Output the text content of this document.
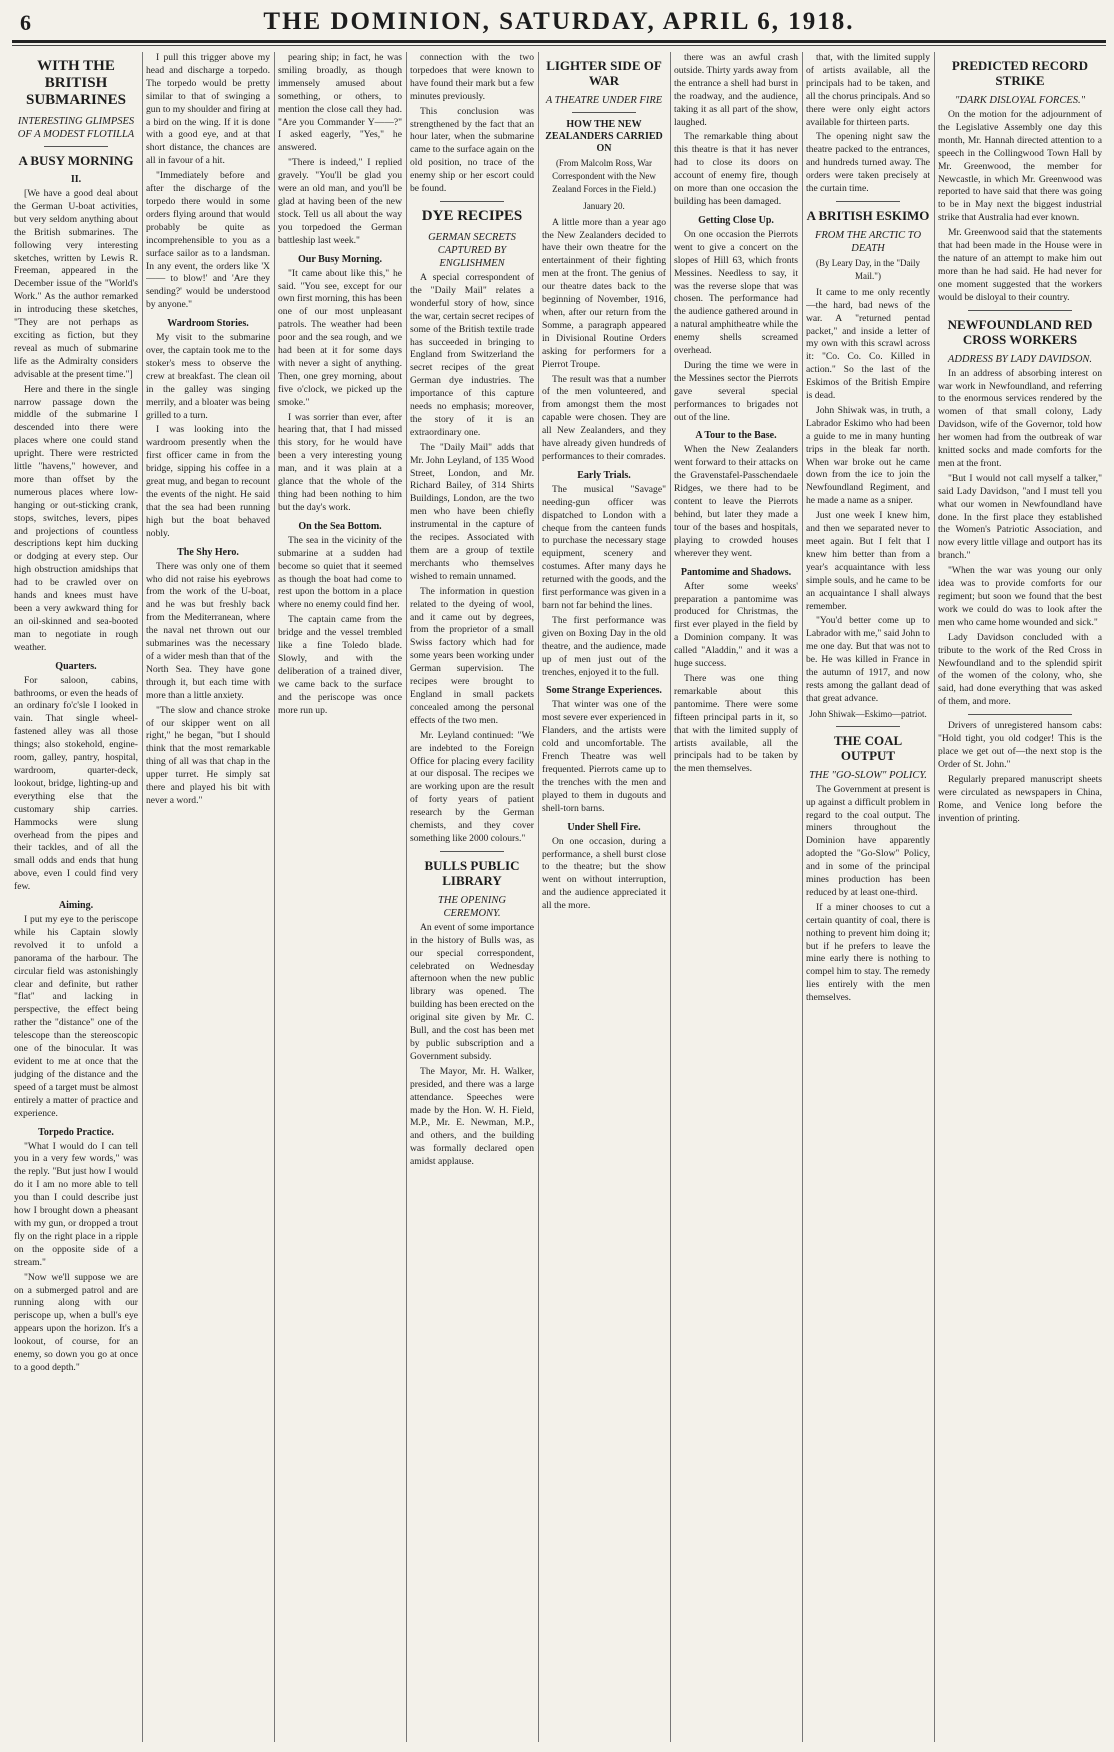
6	THE DOMINION, SATURDAY, APRIL 6, 1918.
WITH THE BRITISH SUBMARINES
INTERESTING GLIMPSES OF A MODEST FLOTILLA
A BUSY MORNING
II.

[We have a good deal about the German U-boat activities, but very seldom anything about the British submarines. The following very interesting sketches, written by Lewis R. Freeman, appeared in the December issue of the "World's Work." As the author remarked in introducing these sketches, "They are not perhaps as exciting as fiction, but they reveal as much of submarine life as the Admiralty considers advisable at the present time."]

Here and there in the single narrow passage down the middle of the submarine I descended into there were places where one could stand upright. There were restricted little "havens," however, and more than offset by the numerous places where low-hanging or out-sticking crank, stops, switches, levers, pipes and projections of countless descriptions kept him ducking or dodging at every step. Our high obstruction amidships that had to be crawled over on hands and knees must have been a very awkward thing for an oil-skinned and sea-booted man to negotiate in rough weather.

Quarters.

For saloon, cabins, bathrooms, or even the heads of an ordinary fo'c'sle I looked in vain. That single wheel-fastened alley was all those things; also stokehold, engine-room, galley, pantry, hospital, wardroom, quarter-deck, lookout, bridge, lighting-up and everything else that the customary ship carries. Hammocks were slung overhead from the pipes and their tackles, and of all the small odds and ends that hung above, even I could find very few.

Aiming.

I put my eye to the periscope while his Captain slowly revolved it to unfold a panorama of the harbour. The circular field was astonishingly clear and definite, but rather "flat" and lacking in perspective, the effect being rather the "distance" one of the telescope than the stereoscopic one of the binocular. It was evident to me at once that the judging of the distance and the speed of a target must be almost entirely a matter of practice and experience.

Torpedo Practice.

"What I would do I can tell you in a very few words," was the reply. "But just how I would do it I am no more able to tell you than I could describe just how I brought down a pheasant with my gun, or dropped a trout fly on the right place in a ripple on the opposite side of a stream."

"Now we'll suppose we are on a submerged patrol and are running along with our periscope up, when a bull's eye appears upon the horizon. It's a lookout, of course, for an enemy, so down you go at once to a good depth."

I pull this trigger above my head and discharge a torpedo. The torpedo would be pretty similar to that of swinging a gun to my shoulder and firing at a bird on the wing. If it is done with a good eye, and at that short distance, the chances are all in favour of a hit.

"Immediately before and after the discharge of the torpedo there would in some orders flying around that would probably be quite as incomprehensible to you as a surface sailor as to a landsman. In any event, the orders like 'X—— to blow!' and 'Are they sending?' would be understood by anyone."

Wardroom Stories.

My visit to the submarine over, the captain took me to the stoker's mess to observe the crew at breakfast. The clean oil in the galley was singing merrily, and a bloater was being grilled to a turn.

I was looking into the wardroom presently when the first officer came in from the bridge, sipping his coffee in a great mug, and began to recount the events of the night. He said that the sea had been running high but the boat behaved nobly.

The Shy Hero.

There was only one of them who did not raise his eyebrows from the work of the U-boat, and he was but freshly back from the Mediterranean, where the naval net thrown out our submarines was the necessary of a wider mesh than that of the North Sea. They have gone through it, but each time with more than a little anxiety.

"The slow and chance stroke of our skipper went on all right," he began, "but I should think that the most remarkable thing of all was that chap in the upper turret. He simply sat there and played his bit with never a word."

pearing ship; in fact, he was smiling broadly, as though immensely amused about something, or others, to mention the close call they had. "Are you Commander Y——?" I asked eagerly, "Yes," he answered.

"There is indeed," I replied gravely. "You'll be glad you were an old man, and you'll be glad at having been of the new stock. Tell us all about the way you torpedoed the German battleship last week."

Our Busy Morning.

"It came about like this," he said. "You see, except for our own first morning, this has been one of our most unpleasant patrols. The weather had been poor and the sea rough, and we had been at it for some days with never a sight of anything. Then, one grey morning, about five o'clock, we picked up the smoke."

I was sorrier than ever, after hearing that, that I had missed this story, for he would have been a very interesting young man, and it was plain at a glance that the whole of the thing had been nothing to him but the day's work.

On the Sea Bottom.

The sea in the vicinity of the submarine at a sudden had become so quiet that it seemed as though the boat had come to rest upon the bottom in a place where no enemy could find her.

The captain came from the bridge and the vessel trembled like a fine Toledo blade. Slowly, and with the deliberation of a trained diver, we came back to the surface and the periscope was once more run up.

connection with the two torpedoes that were known to have found their mark but a few minutes previously.

This conclusion was strengthened by the fact that an hour later, when the submarine came to the surface again on the old position, no trace of the enemy ship or her escort could be found.

DYE RECIPES
GERMAN SECRETS CAPTURED BY ENGLISHMEN

A special correspondent of the "Daily Mail" relates a wonderful story of how, since the war, certain secret recipes of some of the British textile trade has succeeded in bringing to England from Switzerland the secret recipes of the great German dye industries. The importance of this capture needs no emphasis; moreover, the story of it is an extraordinary one.

The "Daily Mail" adds that Mr. John Leyland, of 135 Wood Street, London, and Mr. Richard Bailey, of 314 Shirts Buildings, London, are the two men who have been chiefly instrumental in the capture of the recipes. Associated with them are a group of textile merchants who themselves wished to remain unnamed.

The information in question related to the dyeing of wool, and it came out by degrees, from the proprietor of a small Swiss factory which had for some years been working under German supervision. The recipes were brought to England in small packets concealed among the personal effects of the two men.

Mr. Leyland continued: "We are indebted to the Foreign Office for placing every facility at our disposal. The recipes we are working upon are the result of forty years of patient research by the German chemists, and they cover something like 2000 colours."

BULLS PUBLIC LIBRARY
THE OPENING CEREMONY.

An event of some importance in the history of Bulls was, as our special correspondent, celebrated on Wednesday afternoon when the new public library was opened. The building has been erected on the original site given by Mr. C. Bull, and the cost has been met by public subscription and a Government subsidy.

The Mayor, Mr. H. Walker, presided, and there was a large attendance. Speeches were made by the Hon. W. H. Field, M.P., Mr. E. Newman, M.P., and others, and the building was formally declared open amidst applause.

LIGHTER SIDE OF WAR
A THEATRE UNDER FIRE
HOW THE NEW ZEALANDERS CARRIED ON
(From Malcolm Ross, War Correspondent with the New Zealand Forces in the Field.)
January 20.

A little more than a year ago the New Zealanders decided to have their own theatre for the entertainment of their fighting men at the front. The genius of our theatre dates back to the beginning of November, 1916, when, after our return from the Somme, a paragraph appeared in Divisional Routine Orders asking for performers for a Pierrot Troupe.

The result was that a number of the men volunteered, and from amongst them the most capable were chosen. They are all New Zealanders, and they have already given hundreds of performances to their comrades.

Early Trials.

The musical "Savage" needing-gun officer was dispatched to London with a cheque from the canteen funds to purchase the necessary stage equipment, scenery and costumes. After many days he returned with the goods, and the first performance was given in a barn not far behind the lines.

The first performance was given on Boxing Day in the old theatre, and the audience, made up of men just out of the trenches, enjoyed it to the full.

Some Strange Experiences.

That winter was one of the most severe ever experienced in Flanders, and the artists were cold and uncomfortable. The French Theatre was well frequented. Pierrots came up to the trenches with the men and played to them in dugouts and shell-torn barns.

Under Shell Fire.

On one occasion, during a performance, a shell burst close to the theatre; but the show went on without interruption, and the audience appreciated it all the more.

there was an awful crash outside. Thirty yards away from the entrance a shell had burst in the roadway, and the audience, taking it as all part of the show, laughed.

The remarkable thing about this theatre is that it has never had to close its doors on account of enemy fire, though on more than one occasion the building has been damaged.

Getting Close Up.

On one occasion the Pierrots went to give a concert on the slopes of Hill 63, which fronts Messines. Needless to say, it was the reverse slope that was chosen. The performance had the audience gathered around in a natural amphitheatre while the enemy shells screamed overhead.

During the time we were in the Messines sector the Pierrots gave several special performances to brigades not out of the line.

A Tour to the Base.

When the New Zealanders went forward to their attacks on the Gravenstafel-Passchendaele Ridges, we there had to be content to leave the Pierrots behind, but later they made a tour of the bases and hospitals, playing to crowded houses wherever they went.

Pantomime and Shadows.

After some weeks' preparation a pantomime was produced for Christmas, the first ever played in the field by a Dominion company. It was called "Aladdin," and it was a huge success.

There was one thing remarkable about this pantomime. There were some fifteen principal parts in it, so that with the limited supply of artists available, all the principals had to be taken by the men themselves.

that, with the limited supply of artists available, all the principals had to be taken, and all the chorus principals. And so there were only eight actors available for thirteen parts.

The opening night saw the theatre packed to the entrances, and hundreds turned away. The orders were taken precisely at the curtain time.

A BRITISH ESKIMO
FROM THE ARCTIC TO DEATH
(By Leary Day, in the "Daily Mail.")

It came to me only recently—the hard, bad news of the war. A "returned pentad packet," and inside a letter of my own with this scrawl across it: "Co. Co. Co. Killed in action." So the last of the Eskimos of the British Empire is dead.

John Shiwak was, in truth, a Labrador Eskimo who had been a guide to me in many hunting trips in the bleak far north. When war broke out he came down from the ice to join the Newfoundland Regiment, and he made a name as a sniper.

Just one week I knew him, and then we separated never to meet again. But I felt that I knew him better than from a year's acquaintance with less simple souls, and he came to be an acquaintance I shall always remember.

"You'd better come up to Labrador with me," said John to me one day. But that was not to be. He was killed in France in the autumn of 1917, and now rests among the gallant dead of that great advance.

John Shiwak—Eskimo—patriot.
THE COAL OUTPUT
THE "GO-SLOW" POLICY.

The Government at present is up against a difficult problem in regard to the coal output. The miners throughout the Dominion have apparently adopted the "Go-Slow" Policy, and in some of the principal mines production has been reduced by at least one-third.

If a miner chooses to cut a certain quantity of coal, there is nothing to prevent him doing it; but if he prefers to leave the mine early there is nothing to compel him to stay. The remedy lies entirely with the men themselves.

PREDICTED RECORD STRIKE
"DARK DISLOYAL FORCES."

On the motion for the adjournment of the Legislative Assembly one day this month, Mr. Hannah directed attention to a speech in the Collingwood Town Hall by Mr. Greenwood, the member for Newcastle, in which Mr. Greenwood was reported to have said that there was going to be in May next the biggest industrial strike that Australia had ever known.

Mr. Greenwood said that the statements that had been made in the House were in the nature of an attempt to make him out more than he had said. He had never for one moment suggested that the workers would be disloyal to their country.

NEWFOUNDLAND RED CROSS WORKERS
ADDRESS BY LADY DAVIDSON.

In an address of absorbing interest on war work in Newfoundland, and referring to the enormous services rendered by the women of that small colony, Lady Davidson, wife of the Governor, told how her women had from the outbreak of war knitted socks and made comforts for the men at the front.

"But I would not call myself a talker," said Lady Davidson, "and I must tell you what our women in Newfoundland have done. In the first place they established the Women's Patriotic Association, and now every little village and outport has its branch."

"When the war was young our only idea was to provide comforts for our regiment; but soon we found that the best work we could do was to look after the men who came home wounded and sick."

Lady Davidson concluded with a tribute to the work of the Red Cross in Newfoundland and to the splendid spirit of the women of the colony, who, she said, had done everything that was asked of them, and more.

Drivers of unregistered hansom cabs: "Hold tight, you old codger! This is the place we get out of—the next stop is the Order of St. John."

Regularly prepared manuscript sheets were circulated as newspapers in China, Rome, and Venice long before the invention of printing.
